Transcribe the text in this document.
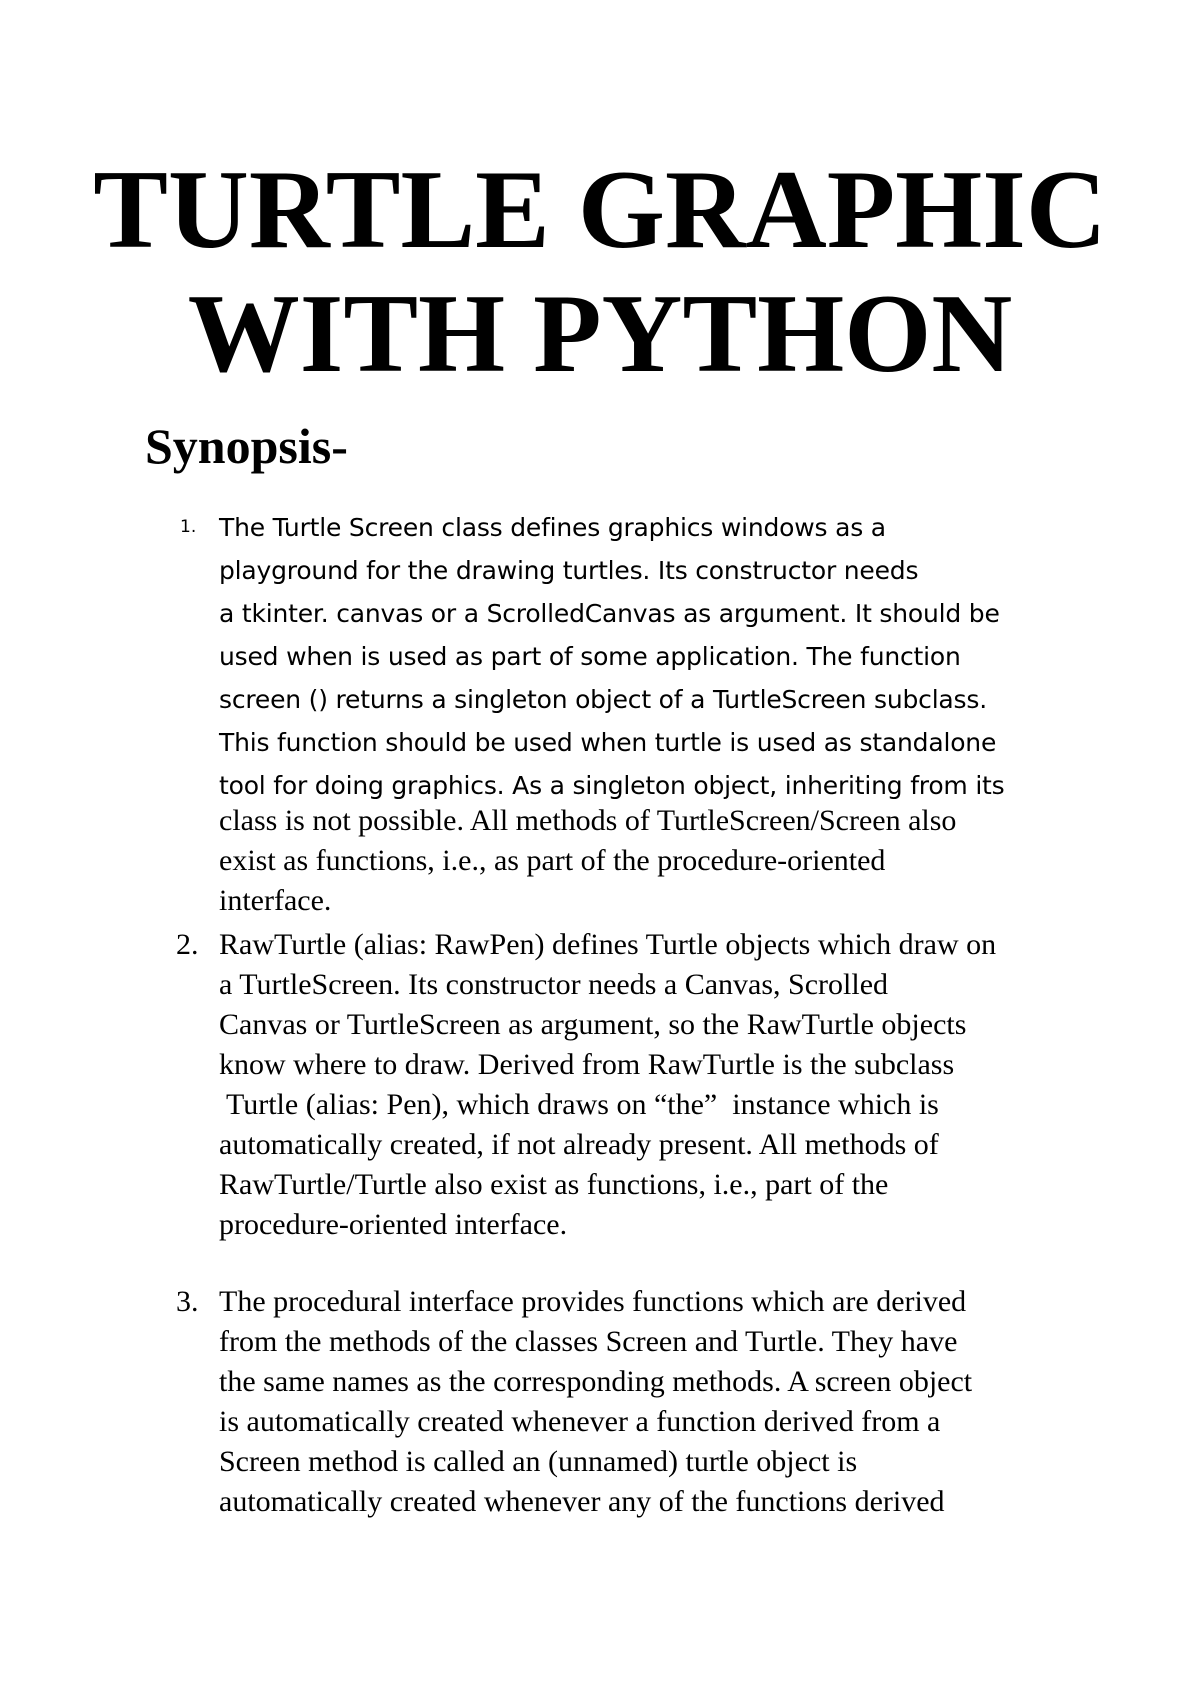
TURTLE GRAPHIC
WITH PYTHON
Synopsis-
1. The Turtle Screen class defines graphics windows as a
playground for the drawing turtles. Its constructor needs
a tkinter. canvas or a ScrolledCanvas as argument. It should be
used when is used as part of some application. The function
screen () returns a singleton object of a TurtleScreen subclass.
This function should be used when turtle is used as standalone
tool for doing graphics. As a singleton object, inheriting from its
class is not possible. All methods of TurtleScreen/Screen also
exist as functions, i.e., as part of the procedure-oriented
interface.
2. RawTurtle (alias: RawPen) defines Turtle objects which draw on
a TurtleScreen. Its constructor needs a Canvas, Scrolled
Canvas or TurtleScreen as argument, so the RawTurtle objects
know where to draw. Derived from RawTurtle is the subclass
Turtle (alias: Pen), which draws on “the”  instance which is
automatically created, if not already present. All methods of
RawTurtle/Turtle also exist as functions, i.e., part of the
procedure-oriented interface.
3. The procedural interface provides functions which are derived
from the methods of the classes Screen and Turtle. They have
the same names as the corresponding methods. A screen object
is automatically created whenever a function derived from a
Screen method is called an (unnamed) turtle object is
automatically created whenever any of the functions derived
